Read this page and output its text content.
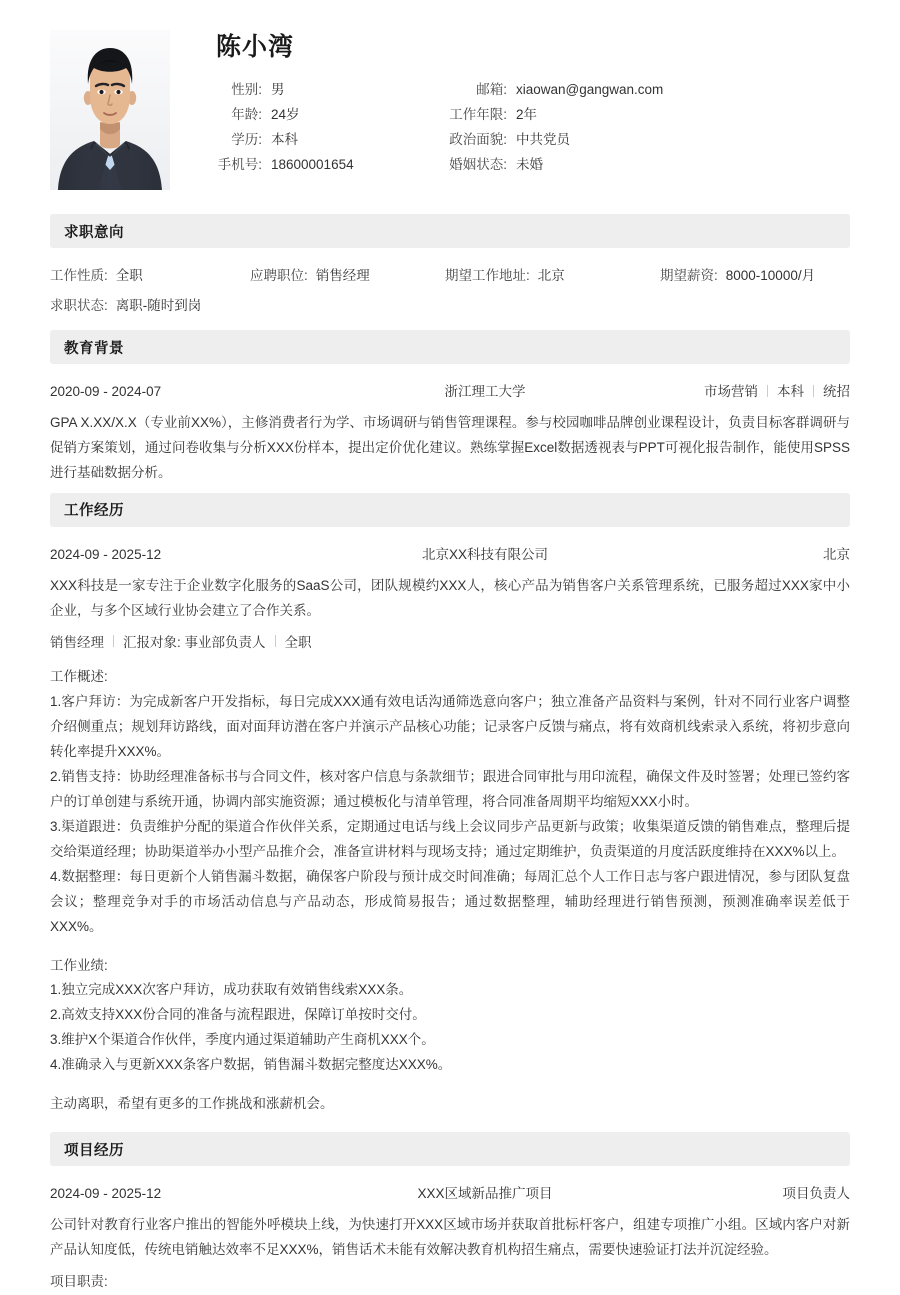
陈小湾
性别: 男
年龄: 24岁
学历: 本科
手机号: 18600001654
邮箱: xiaowan@gangwan.com
工作年限: 2年
政治面貌: 中共党员
婚姻状态: 未婚
求职意向
工作性质: 全职	应聘职位: 销售经理	期望工作地址: 北京	期望薪资: 8000-10000/月
求职状态: 离职-随时到岗
教育背景
2020-09 - 2024-07	浙江理工大学	市场营销 本科 统招

GPA X.XX/X.X（专业前XX%），主修消费者行为学、市场调研与销售管理课程。参与校园咖啡品牌创业课程设计，负责目标客群调研与促销方案策划，通过问卷收集与分析XXX份样本，提出定价优化建议。熟练掌握Excel数据透视表与PPT可视化报告制作，能使用SPSS进行基础数据分析。

工作经历
2024-09 - 2025-12	北京XX科技有限公司	北京

XXX科技是一家专注于企业数字化服务的SaaS公司，团队规模约XXX人，核心产品为销售客户关系管理系统，已服务超过XXX家中小企业，与多个区域行业协会建立了合作关系。

销售经理 汇报对象: 事业部负责人 全职
工作概述:
1.客户拜访：为完成新客户开发指标，每日完成XXX通有效电话沟通筛选意向客户；独立准备产品资料与案例，针对不同行业客户调整介绍侧重点；规划拜访路线，面对面拜访潜在客户并演示产品核心功能；记录客户反馈与痛点，将有效商机线索录入系统，将初步意向转化率提升XXX%。
2.销售支持：协助经理准备标书与合同文件，核对客户信息与条款细节；跟进合同审批与用印流程，确保文件及时签署；处理已签约客户的订单创建与系统开通，协调内部实施资源；通过模板化与清单管理，将合同准备周期平均缩短XXX小时。
3.渠道跟进：负责维护分配的渠道合作伙伴关系，定期通过电话与线上会议同步产品更新与政策；收集渠道反馈的销售难点，整理后提交给渠道经理；协助渠道举办小型产品推介会，准备宣讲材料与现场支持；通过定期维护，负责渠道的月度活跃度维持在XXX%以上。
4.数据整理：每日更新个人销售漏斗数据，确保客户阶段与预计成交时间准确；每周汇总个人工作日志与客户跟进情况，参与团队复盘会议；整理竞争对手的市场活动信息与产品动态，形成简易报告；通过数据整理，辅助经理进行销售预测，预测准确率误差低于XXX%。
工作业绩:
1.独立完成XXX次客户拜访，成功获取有效销售线索XXX条。
2.高效支持XXX份合同的准备与流程跟进，保障订单按时交付。
3.维护X个渠道合作伙伴，季度内通过渠道辅助产生商机XXX个。
4.准确录入与更新XXX条客户数据，销售漏斗数据完整度达XXX%。
主动离职，希望有更多的工作挑战和涨薪机会。
项目经历
2024-09 - 2025-12	XXX区域新品推广项目	项目负责人

公司针对教育行业客户推出的智能外呼模块上线，为快速打开XXX区域市场并获取首批标杆客户，组建专项推广小组。区域内客户对新产品认知度低，传统电销触达效率不足XXX%，销售话术未能有效解决教育机构招生痛点，需要快速验证打法并沉淀经验。

项目职责:
